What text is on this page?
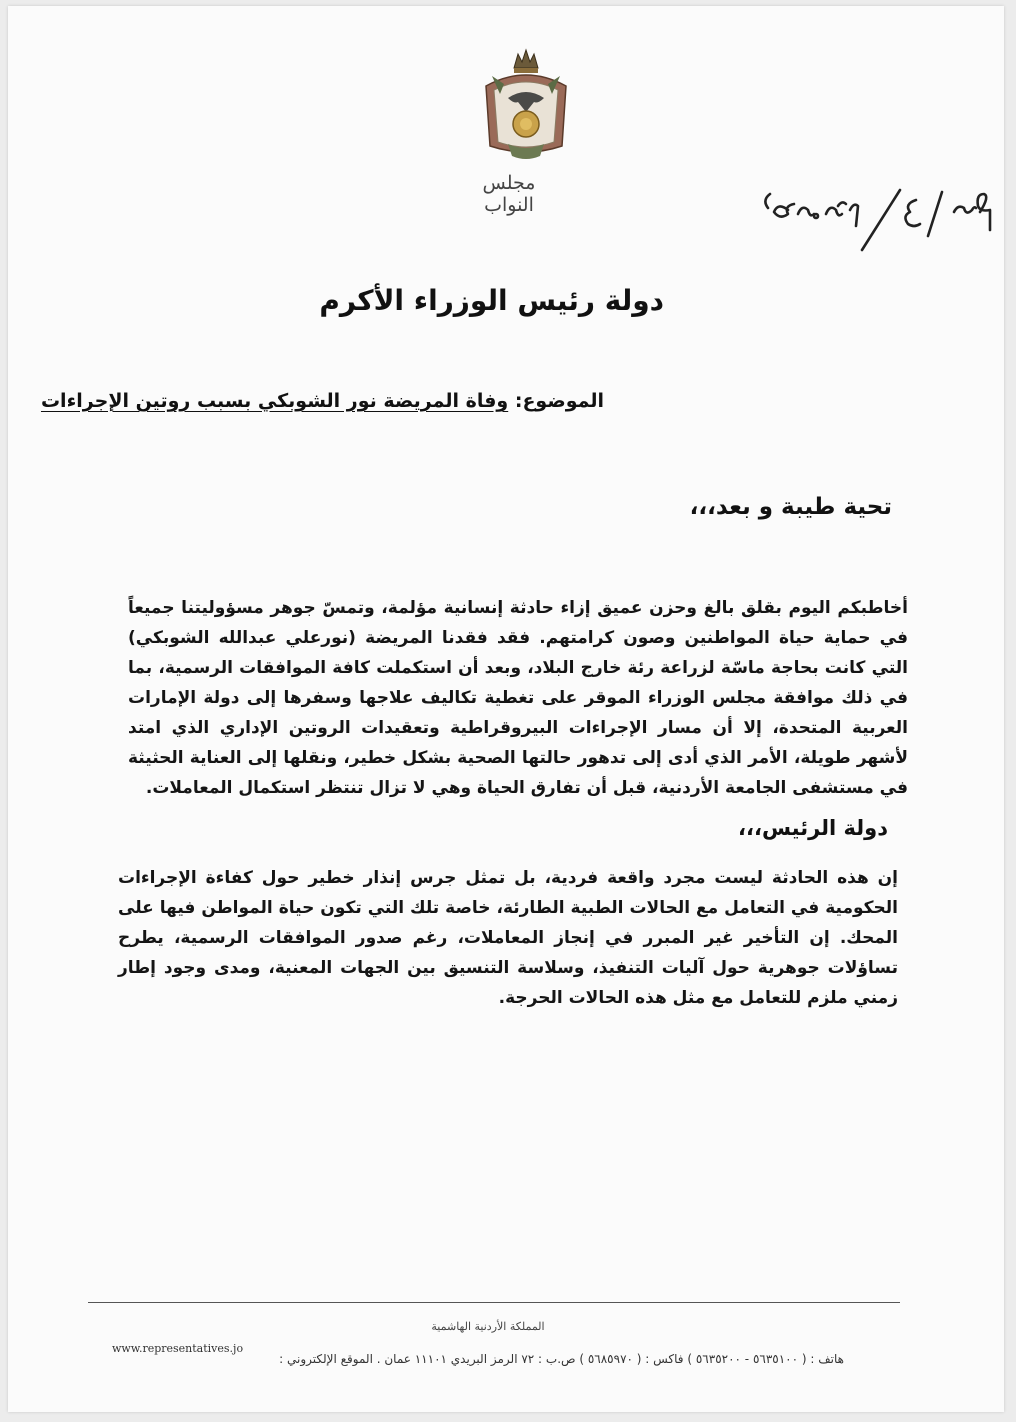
مجلس النواب
دولة رئيس الوزراء الأكرم
الموضوع: وفاة المريضة نور الشوبكي بسبب روتين الإجراءات
تحية طيبة و بعد،،،

أخاطبكم اليوم بقلق بالغ وحزن عميق إزاء حادثة إنسانية مؤلمة، وتمسّ جوهر مسؤوليتنا جميعاً في حماية حياة المواطنين وصون كرامتهم. فقد فقدنا المريضة (نورعلي عبدالله الشوبكي) التي كانت بحاجة ماسّة لزراعة رئة خارج البلاد، وبعد أن استكملت كافة الموافقات الرسمية، بما في ذلك موافقة مجلس الوزراء الموقر على تغطية تكاليف علاجها وسفرها إلى دولة الإمارات العربية المتحدة، إلا أن مسار الإجراءات البيروقراطية وتعقيدات الروتين الإداري الذي امتد لأشهر طويلة، الأمر الذي أدى إلى تدهور حالتها الصحية بشكل خطير، ونقلها إلى العناية الحثيثة في مستشفى الجامعة الأردنية، قبل أن تفارق الحياة وهي لا تزال تنتظر استكمال المعاملات.

دولة الرئيس،،،

إن هذه الحادثة ليست مجرد واقعة فردية، بل تمثل جرس إنذار خطير حول كفاءة الإجراءات الحكومية في التعامل مع الحالات الطبية الطارئة، خاصة تلك التي تكون حياة المواطن فيها على المحك. إن التأخير غير المبرر في إنجاز المعاملات، رغم صدور الموافقات الرسمية، يطرح تساؤلات جوهرية حول آليات التنفيذ، وسلاسة التنسيق بين الجهات المعنية، ومدى وجود إطار زمني ملزم للتعامل مع مثل هذه الحالات الحرجة.

المملكة الأردنية الهاشمية
www.representatives.jo
هاتف : ( ٥٦٣٥١٠٠ - ٥٦٣٥٢٠٠ ) فاكس : ( ٥٦٨٥٩٧٠ ) ص.ب : ٧٢ الرمز البريدي ١١١٠١ عمان . الموقع الإلكتروني :
